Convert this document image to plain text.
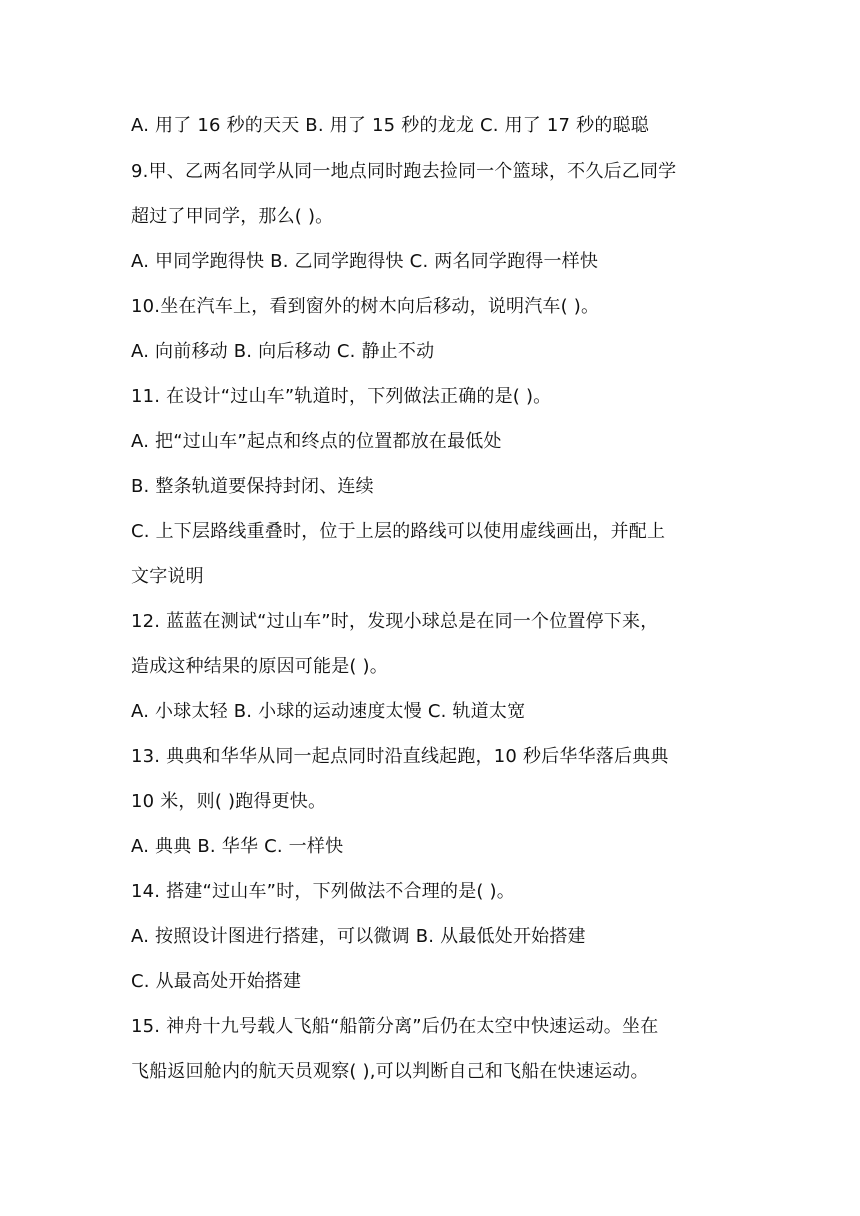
A. 用了 16 秒的天天 B. 用了 15 秒的龙龙 C. 用了 17 秒的聪聪
9.甲、乙两名同学从同一地点同时跑去捡同一个篮球，不久后乙同学
超过了甲同学，那么( )。
A. 甲同学跑得快 B. 乙同学跑得快 C. 两名同学跑得一样快
10.坐在汽车上，看到窗外的树木向后移动，说明汽车( )。
A. 向前移动 B. 向后移动 C. 静止不动
11. 在设计“过山车”轨道时，下列做法正确的是( )。
A. 把“过山车”起点和终点的位置都放在最低处
B. 整条轨道要保持封闭、连续
C. 上下层路线重叠时，位于上层的路线可以使用虚线画出，并配上
文字说明
12. 蓝蓝在测试“过山车”时，发现小球总是在同一个位置停下来，
造成这种结果的原因可能是( )。
A. 小球太轻 B. 小球的运动速度太慢 C. 轨道太宽
13. 典典和华华从同一起点同时沿直线起跑，10 秒后华华落后典典
10 米，则( )跑得更快。
A. 典典 B. 华华 C. 一样快
14. 搭建“过山车”时，下列做法不合理的是( )。
A. 按照设计图进行搭建，可以微调 B. 从最低处开始搭建
C. 从最高处开始搭建
15. 神舟十九号载人飞船“船箭分离”后仍在太空中快速运动。坐在
飞船返回舱内的航天员观察( ),可以判断自己和飞船在快速运动。
